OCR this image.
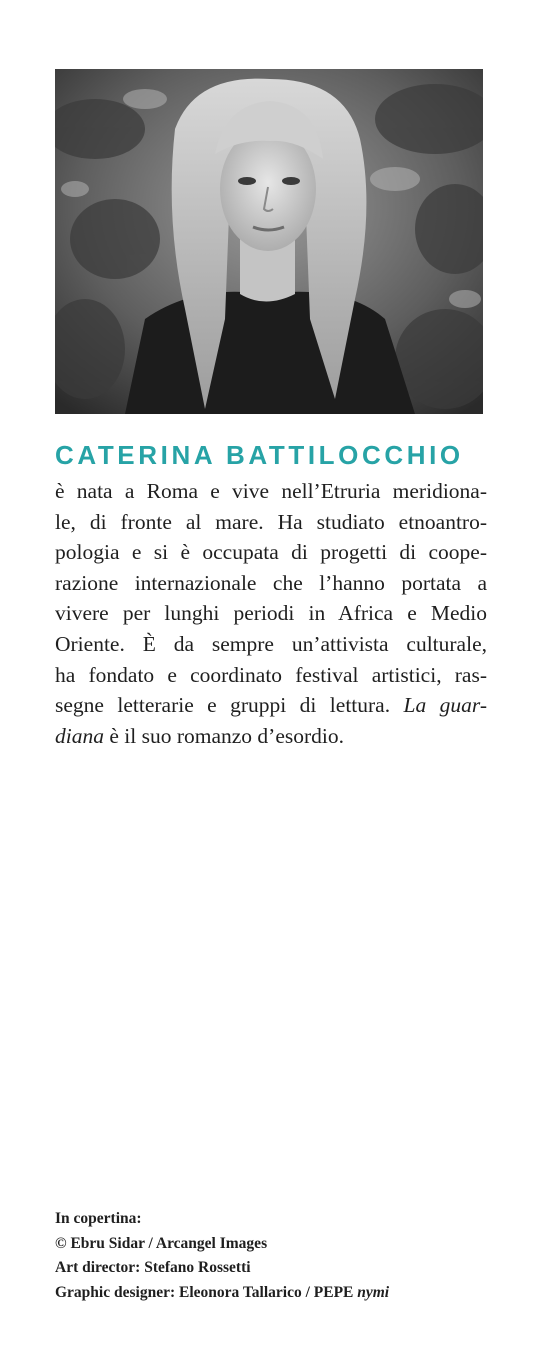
CATERINA BATTILOCCHIO
è nata a Roma e vive nell’Etruria meridiona-
le, di fronte al mare. Ha studiato etnoantro-
pologia e si è occupata di progetti di coope-
razione internazionale che l’hanno portata a
vivere per lunghi periodi in Africa e Medio
Oriente. È da sempre un’attivista culturale,
ha fondato e coordinato festival artistici, ras-
segne letterarie e gruppi di lettura. La guar-
diana è il suo romanzo d’esordio.
In copertina:
© Ebru Sidar / Arcangel Images
Art director: Stefano Rossetti
Graphic designer: Eleonora Tallarico / PEPE nymi
